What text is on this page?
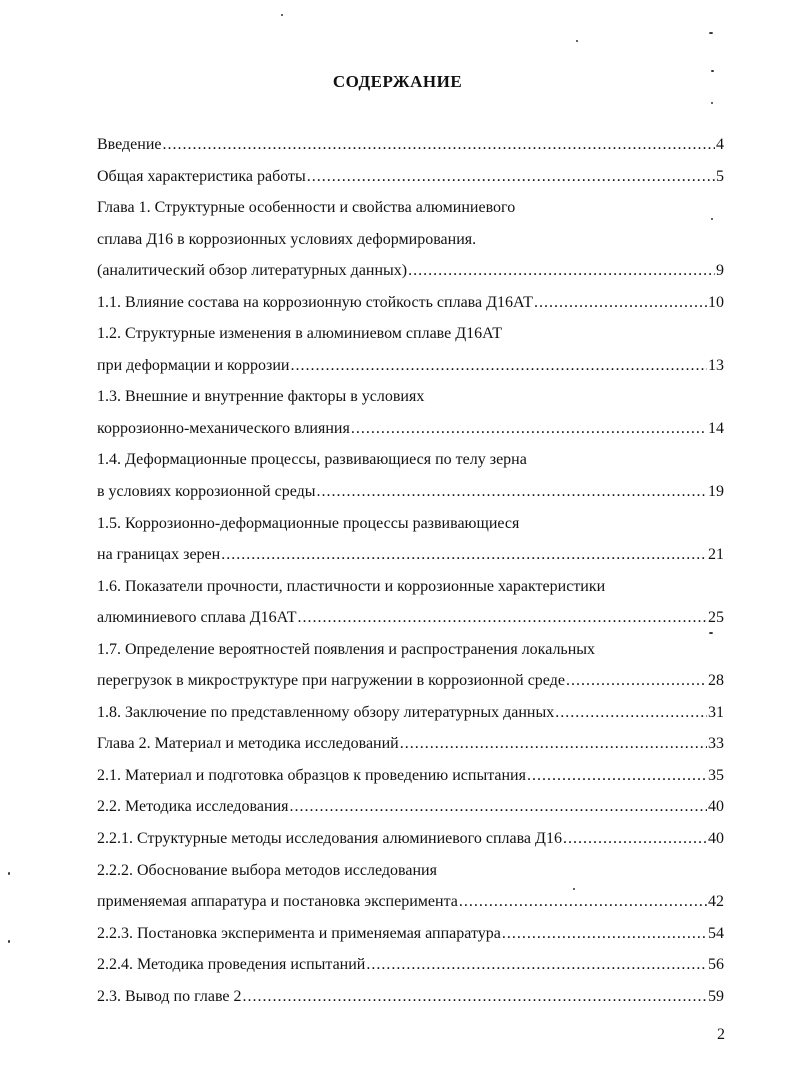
СОДЕРЖАНИЕ
Введение .....	4
Общая характеристика работы .....	5
Глава 1. Структурные особенности и свойства алюминиевого
сплава Д16 в коррозионных условиях деформирования.
(аналитический обзор литературных данных) .....	9
1.1. Влияние состава на коррозионную стойкость сплава Д16АТ .....	10
1.2. Структурные изменения в алюминиевом сплаве Д16АТ
при деформации и коррозии .....	13
1.3. Внешние и внутренние факторы в условиях
коррозионно-механического влияния .....	14
1.4. Деформационные процессы, развивающиеся по телу зерна
в условиях коррозионной среды .....	19
1.5. Коррозионно-деформационные процессы развивающиеся
на границах зерен .....	21
1.6. Показатели прочности, пластичности и коррозионные характеристики
алюминиевого сплава Д16АТ .....	25
1.7. Определение вероятностей появления и распространения локальных
перегрузок в микроструктуре при нагружении в коррозионной среде .....	28
1.8. Заключение по представленному обзору литературных данных .....	31
Глава 2. Материал и методика исследований .....	33
2.1. Материал и подготовка образцов к проведению испытания .....	35
2.2. Методика исследования .....	40
2.2.1. Структурные методы исследования алюминиевого сплава Д16 .....	40
2.2.2. Обоснование выбора методов исследования
применяемая аппаратура и постановка эксперимента .....	42
2.2.3. Постановка эксперимента и применяемая аппаратура .....	54
2.2.4. Методика проведения испытаний .....	56
2.3. Вывод по главе 2 .....	59
2
